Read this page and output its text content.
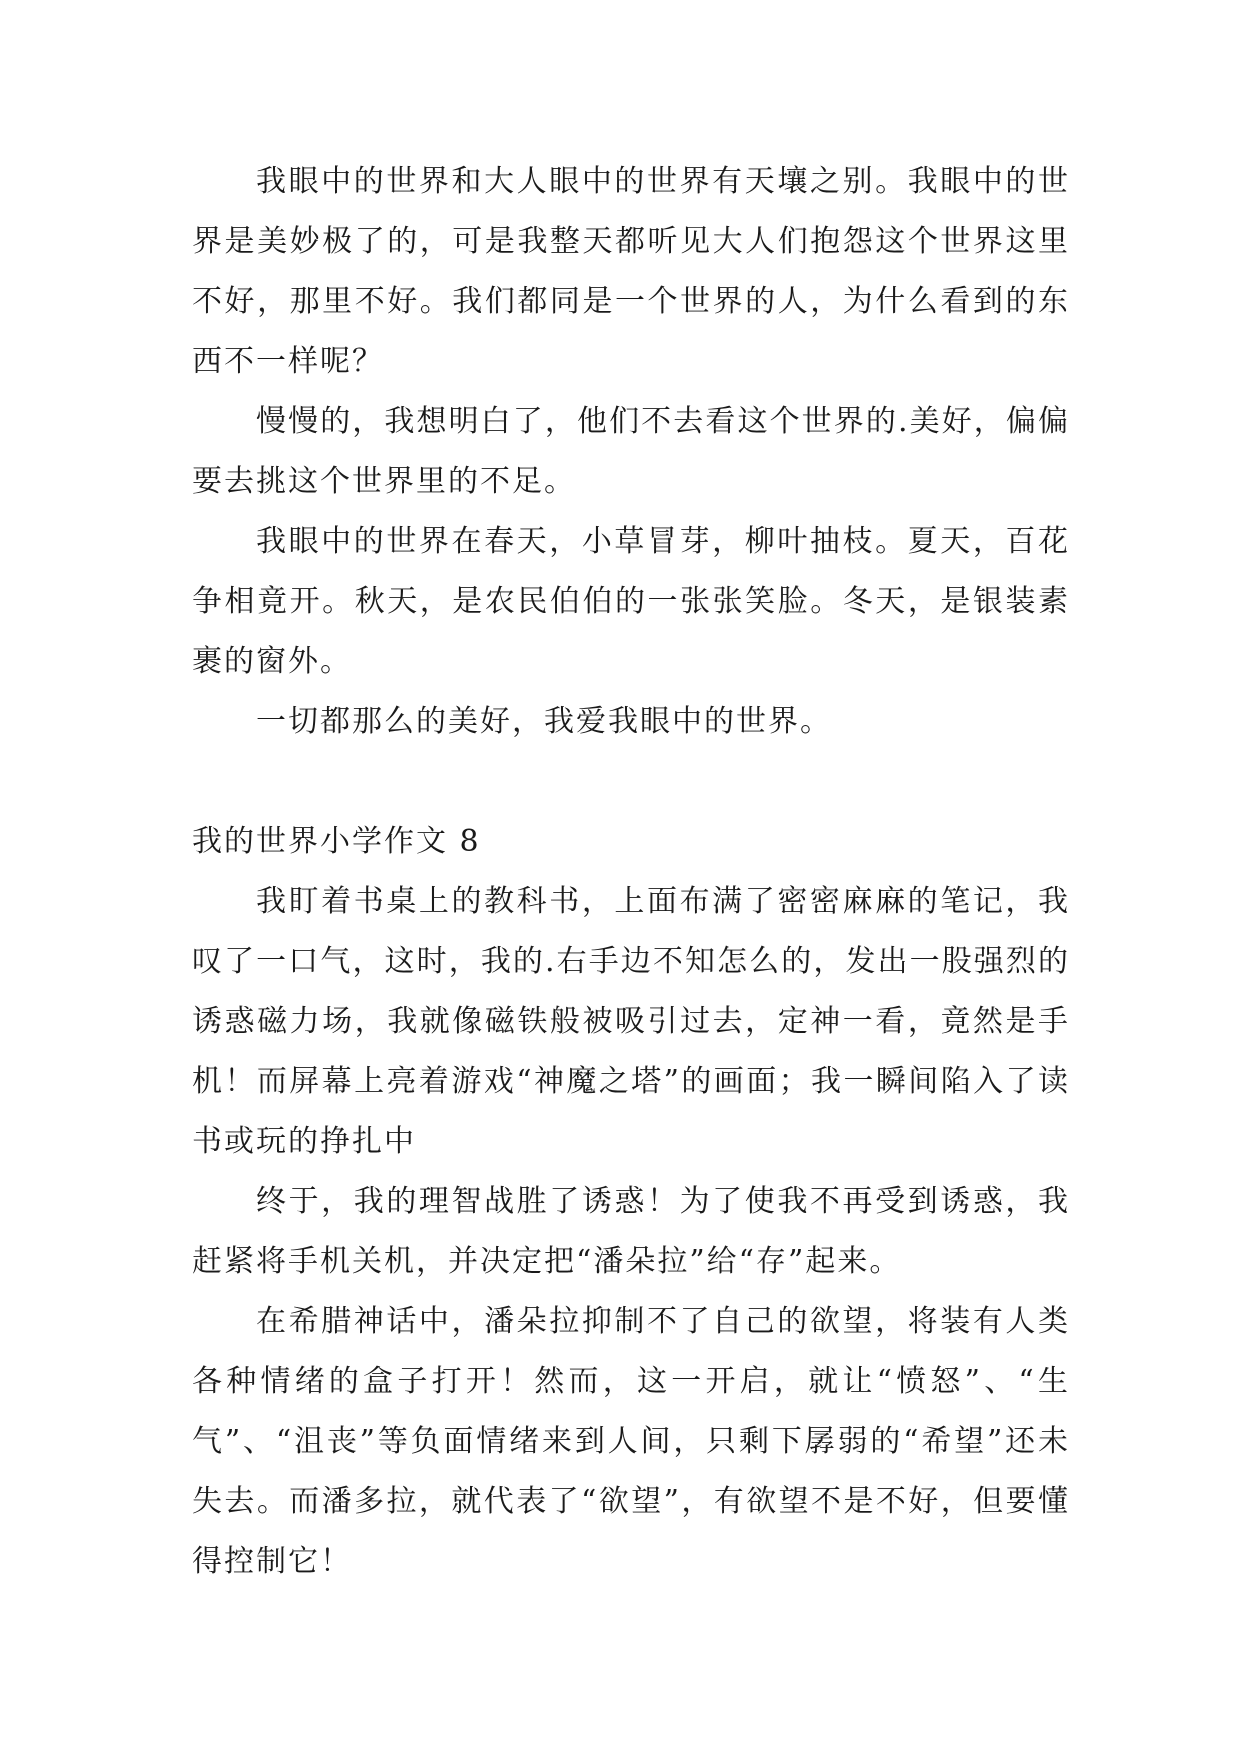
我眼中的世界和大人眼中的世界有天壤之别。我眼中的世界是美妙极了的，可是我整天都听见大人们抱怨这个世界这里不好，那里不好。我们都同是一个世界的人，为什么看到的东西不一样呢？

慢慢的，我想明白了，他们不去看这个世界的.美好，偏偏要去挑这个世界里的不足。

我眼中的世界在春天，小草冒芽，柳叶抽枝。夏天，百花争相竟开。秋天，是农民伯伯的一张张笑脸。冬天，是银装素裹的窗外。

一切都那么的美好，我爱我眼中的世界。

我的世界小学作文 8

我盯着书桌上的教科书，上面布满了密密麻麻的笔记，我叹了一口气，这时，我的.右手边不知怎么的，发出一股强烈的诱惑磁力场，我就像磁铁般被吸引过去，定神一看，竟然是手机！而屏幕上亮着游戏“神魔之塔”的画面；我一瞬间陷入了读书或玩的挣扎中

终于，我的理智战胜了诱惑！为了使我不再受到诱惑，我赶紧将手机关机，并决定把“潘朵拉”给“存”起来。

在希腊神话中，潘朵拉抑制不了自己的欲望，将装有人类各种情绪的盒子打开！然而，这一开启，就让“愤怒”、“生气”、“沮丧”等负面情绪来到人间，只剩下孱弱的“希望”还未失去。而潘多拉，就代表了“欲望”，有欲望不是不好，但要懂得控制它！
